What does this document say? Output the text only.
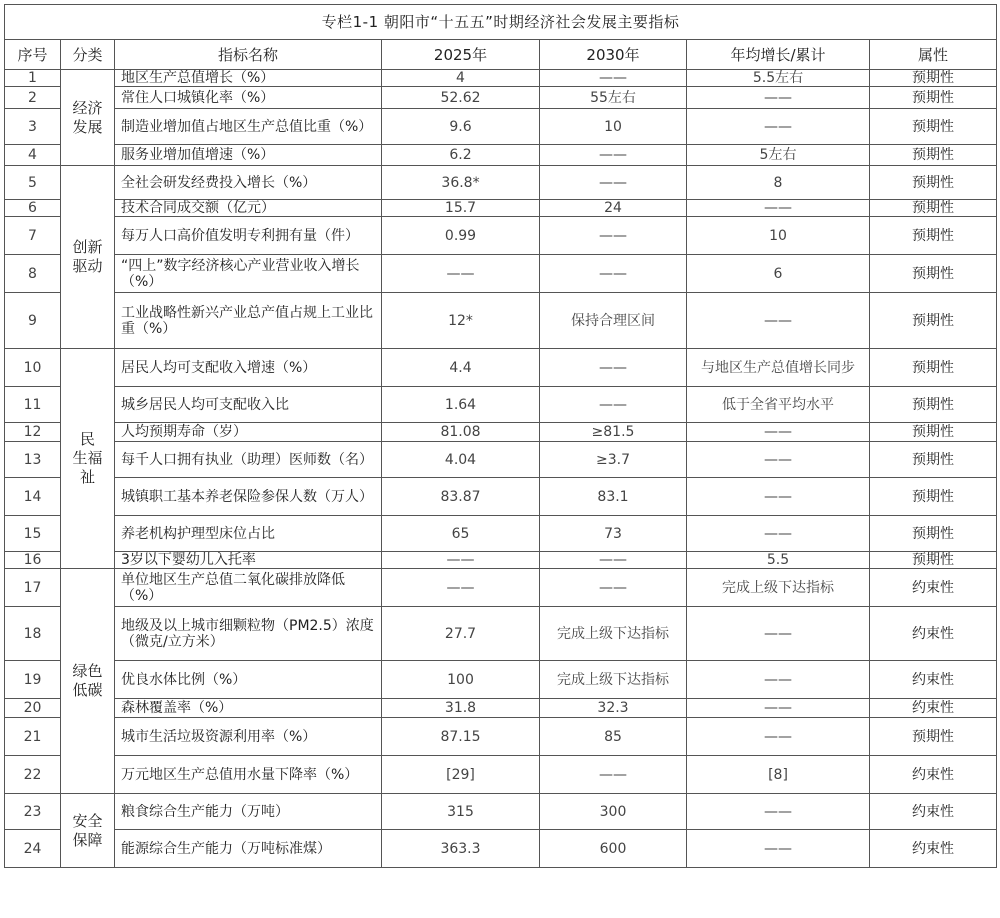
专栏1-1 朝阳市“十五五”时期经济社会发展主要指标						
序号	分类	指标名称	2025年	2030年	年均增长/累计	属性
1	经济发展	地区生产总值增长（%）	4	——	5.5左右	预期性
2		常住人口城镇化率（%）	52.62	55左右	——	预期性
3		制造业增加值占地区生产总值比重（%）	9.6	10	——	预期性
4		服务业增加值增速（%）	6.2	——	5左右	预期性
5	创新驱动	全社会研发经费投入增长（%）	36.8*	——	8	预期性
6		技术合同成交额（亿元）	15.7	24	——	预期性
7		每万人口高价值发明专利拥有量（件）	0.99	——	10	预期性
8		“四上”数字经济核心产业营业收入增长（%）	——	——	6	预期性
9		工业战略性新兴产业总产值占规上工业比重（%）	12*	保持合理区间	——	预期性
10	民 生福祉	居民人均可支配收入增速（%）	4.4	——	与地区生产总值增长同步	预期性
11		城乡居民人均可支配收入比	1.64	——	低于全省平均水平	预期性
12		人均预期寿命（岁）	81.08	≥81.5	——	预期性
13		每千人口拥有执业（助理）医师数（名）	4.04	≥3.7	——	预期性
14		城镇职工基本养老保险参保人数（万人）	83.87	83.1	——	预期性
15		养老机构护理型床位占比	65	73	——	预期性
16		3岁以下婴幼儿入托率	——	——	5.5	预期性
17	绿色低碳	单位地区生产总值二氧化碳排放降低（%）	——	——	完成上级下达指标	约束性
18		地级及以上城市细颗粒物（PM2.5）浓度（微克/立方米）	27.7	完成上级下达指标	——	约束性
19		优良水体比例（%）	100	完成上级下达指标	——	约束性
20		森林覆盖率（%）	31.8	32.3	——	约束性
21		城市生活垃圾资源利用率（%）	87.15	85	——	预期性
22		万元地区生产总值用水量下降率（%）	[29]	——	[8]	约束性
23	安全保障	粮食综合生产能力（万吨）	315	300	——	约束性
24		能源综合生产能力（万吨标准煤）	363.3	600	——	约束性
